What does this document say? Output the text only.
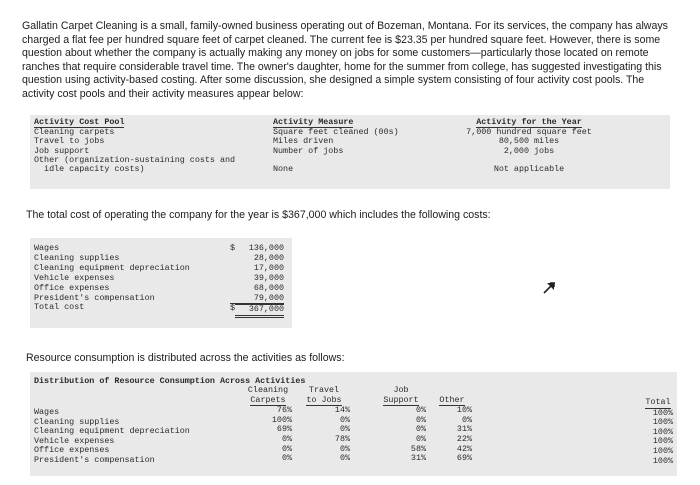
Gallatin Carpet Cleaning is a small, family-owned business operating out of Bozeman, Montana. For its services, the company has always charged a flat fee per hundred square feet of carpet cleaned. The current fee is $23.35 per hundred square feet. However, there is some question about whether the company is actually making any money on jobs for some customers—particularly those located on remote ranches that require considerable travel time. The owner's daughter, home for the summer from college, has suggested investigating this question using activity-based costing. After some discussion, she designed a simple system consisting of four activity cost pools. The activity cost pools and their activity measures appear below:
Activity Cost Pool
Cleaning carpets
Travel to jobs
Job support
Other (organization-sustaining costs and
idle capacity costs)
Activity Measure
Square feet cleaned (00s)
Miles driven
Number of jobs
None
Activity for the Year
7,000 hundred square feet
80,500 miles
2,000 jobs
Not applicable
The total cost of operating the company for the year is $367,000 which includes the following costs:
Wages
Cleaning supplies
Cleaning equipment depreciation
Vehicle expenses
Office expenses
President's compensation
Total cost
$	136,000
28,000
17,000
39,000
68,000
79,000
$	367,000
Resource consumption is distributed across the activities as follows:
Distribution of Resource Consumption Across Activities
Wages
Cleaning supplies
Cleaning equipment depreciation
Vehicle expenses
Office expenses
President's compensation
Cleaning
Carpets
76%
100%
69%
0%
0%
0%
Travel
to Jobs
14%
0%
0%
78%
0%
0%
Job
Support
0%
0%
0%
0%
58%
31%
Other
10%
0%
31%
22%
42%
69%
Total
100%
100%
100%
100%
100%
100%
